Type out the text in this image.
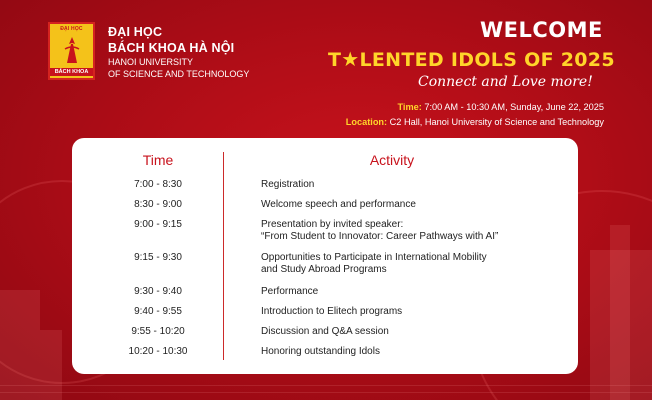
ĐẠI HỌC
BÁCH KHOA
ĐẠI HỌC
BÁCH KHOA HÀ NỘI
HANOI UNIVERSITY
OF SCIENCE AND TECHNOLOGY
WELCOME
T★LENTED IDOLS OF 2025
Connect and Love more!
Time: 7:00 AM - 10:30 AM, Sunday, June 22, 2025
Location: C2 Hall, Hanoi University of Science and Technology
Time	Activity
7:00 - 8:30	Registration
8:30 - 9:00	Welcome speech and performance
9:00 - 9:15	Presentation by invited speaker:
“From Student to Innovator: Career Pathways with AI”
9:15 - 9:30	Opportunities to Participate in International Mobility
and Study Abroad Programs
9:30 - 9:40	Performance
9:40 - 9:55	Introduction to Elitech programs
9:55 - 10:20	Discussion and Q&A session
10:20 - 10:30	Honoring outstanding Idols
